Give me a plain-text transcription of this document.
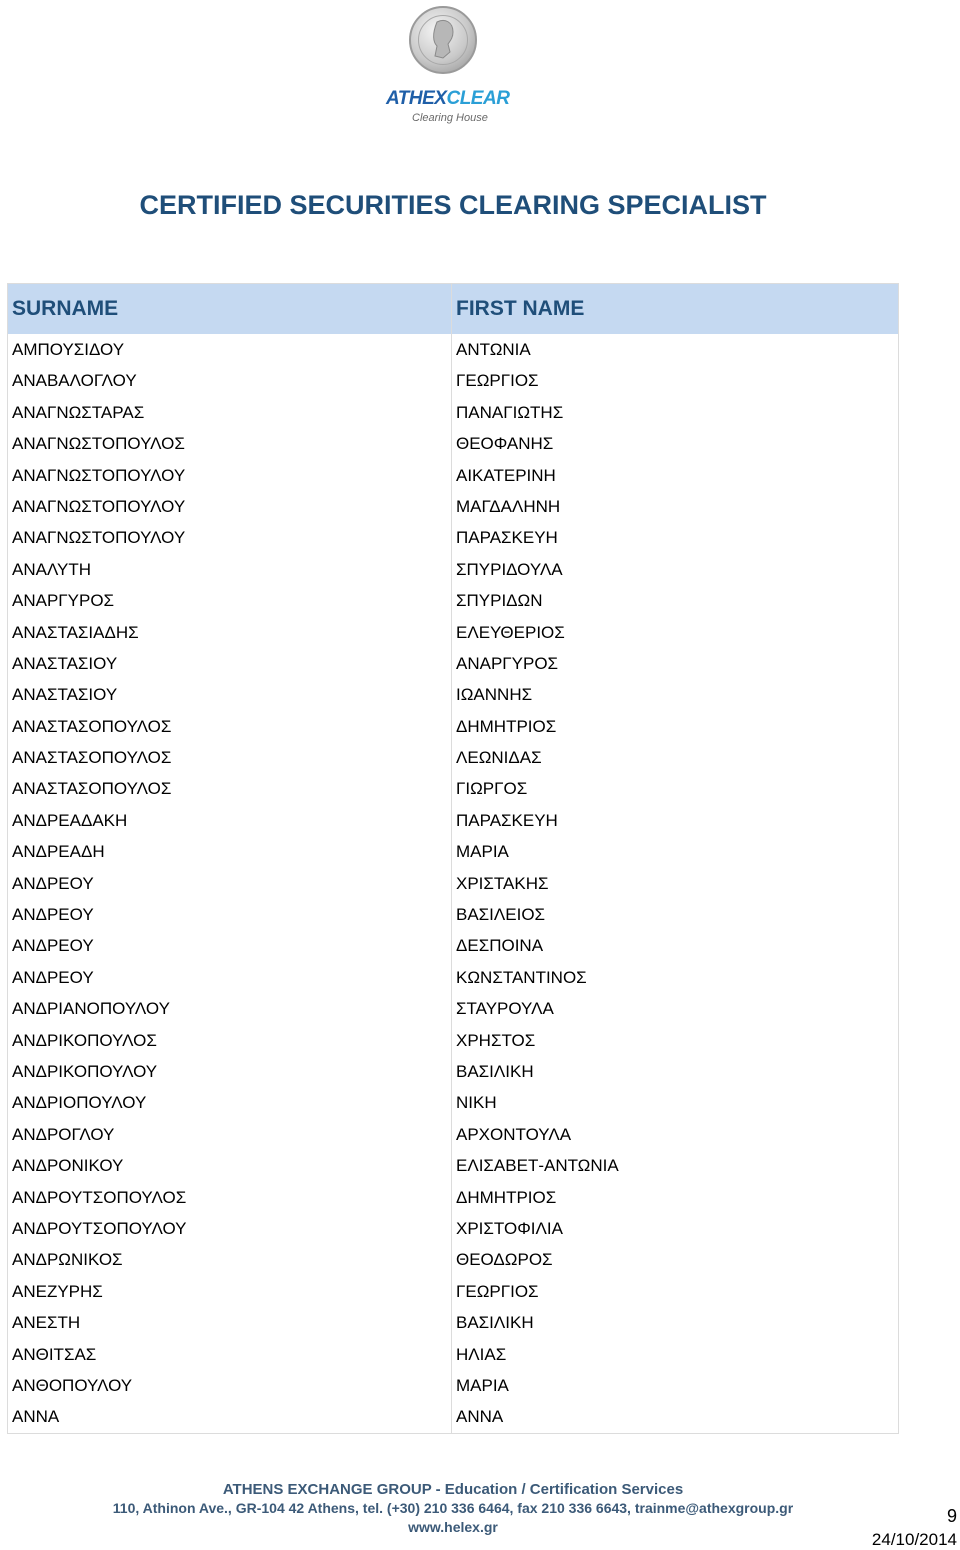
ATHEXCLEAR
Clearing House
CERTIFIED SECURITIES CLEARING SPECIALIST
SURNAME	FIRST NAME
ΑΜΠΟΥΣΙΔΟΥ	ΑΝΤΩΝΙΑ
ΑΝΑΒΑΛΟΓΛΟΥ	ΓΕΩΡΓΙΟΣ
ΑΝΑΓΝΩΣΤΑΡΑΣ	ΠΑΝΑΓΙΩΤΗΣ
ΑΝΑΓΝΩΣΤΟΠΟΥΛΟΣ	ΘΕΟΦΑΝΗΣ
ΑΝΑΓΝΩΣΤΟΠΟΥΛΟΥ	ΑΙΚΑΤΕΡΙΝΗ
ΑΝΑΓΝΩΣΤΟΠΟΥΛΟΥ	ΜΑΓΔΑΛΗΝΗ
ΑΝΑΓΝΩΣΤΟΠΟΥΛΟΥ	ΠΑΡΑΣΚΕΥΗ
ΑΝΑΛΥΤΗ	ΣΠΥΡΙΔΟΥΛΑ
ΑΝΑΡΓΥΡΟΣ	ΣΠΥΡΙΔΩΝ
ΑΝΑΣΤΑΣΙΑΔΗΣ	ΕΛΕΥΘΕΡΙΟΣ
ΑΝΑΣΤΑΣΙΟΥ	ΑΝΑΡΓΥΡΟΣ
ΑΝΑΣΤΑΣΙΟΥ	ΙΩΑΝΝΗΣ
ΑΝΑΣΤΑΣΟΠΟΥΛΟΣ	ΔΗΜΗΤΡΙΟΣ
ΑΝΑΣΤΑΣΟΠΟΥΛΟΣ	ΛΕΩΝΙΔΑΣ
ΑΝΑΣΤΑΣΟΠΟΥΛΟΣ	ΓΙΩΡΓΟΣ
ΑΝΔΡΕΑΔΑΚΗ	ΠΑΡΑΣΚΕΥΗ
ΑΝΔΡΕΑΔΗ	ΜΑΡΙΑ
ΑΝΔΡΕΟΥ	ΧΡΙΣΤΑΚΗΣ
ΑΝΔΡΕΟΥ	ΒΑΣΙΛΕΙΟΣ
ΑΝΔΡΕΟΥ	ΔΕΣΠΟΙΝΑ
ΑΝΔΡΕΟΥ	ΚΩΝΣΤΑΝΤΙΝΟΣ
ΑΝΔΡΙΑΝΟΠΟΥΛΟΥ	ΣΤΑΥΡΟΥΛΑ
ΑΝΔΡΙΚΟΠΟΥΛΟΣ	ΧΡΗΣΤΟΣ
ΑΝΔΡΙΚΟΠΟΥΛΟΥ	ΒΑΣΙΛΙΚΗ
ΑΝΔΡΙΟΠΟΥΛΟΥ	ΝΙΚΗ
ΑΝΔΡΟΓΛΟΥ	ΑΡΧΟΝΤΟΥΛΑ
ΑΝΔΡΟΝΙΚΟΥ	ΕΛΙΣΑΒΕΤ-ΑΝΤΩΝΙΑ
ΑΝΔΡΟΥΤΣΟΠΟΥΛΟΣ	ΔΗΜΗΤΡΙΟΣ
ΑΝΔΡΟΥΤΣΟΠΟΥΛΟΥ	ΧΡΙΣΤΟΦΙΛΙΑ
ΑΝΔΡΩΝΙΚΟΣ	ΘΕΟΔΩΡΟΣ
ΑΝΕΖΥΡΗΣ	ΓΕΩΡΓΙΟΣ
ΑΝΕΣΤΗ	ΒΑΣΙΛΙΚΗ
ΑΝΘΙΤΣΑΣ	ΗΛΙΑΣ
ΑΝΘΟΠΟΥΛΟΥ	ΜΑΡΙΑ
ΑΝΝΑ	ΑΝΝΑ
ATHENS EXCHANGE GROUP - Education / Certification Services
110, Athinon Ave., GR-104 42 Athens, tel. (+30) 210 336 6464, fax 210 336 6643, trainme@athexgroup.gr
www.helex.gr
9
24/10/2014
